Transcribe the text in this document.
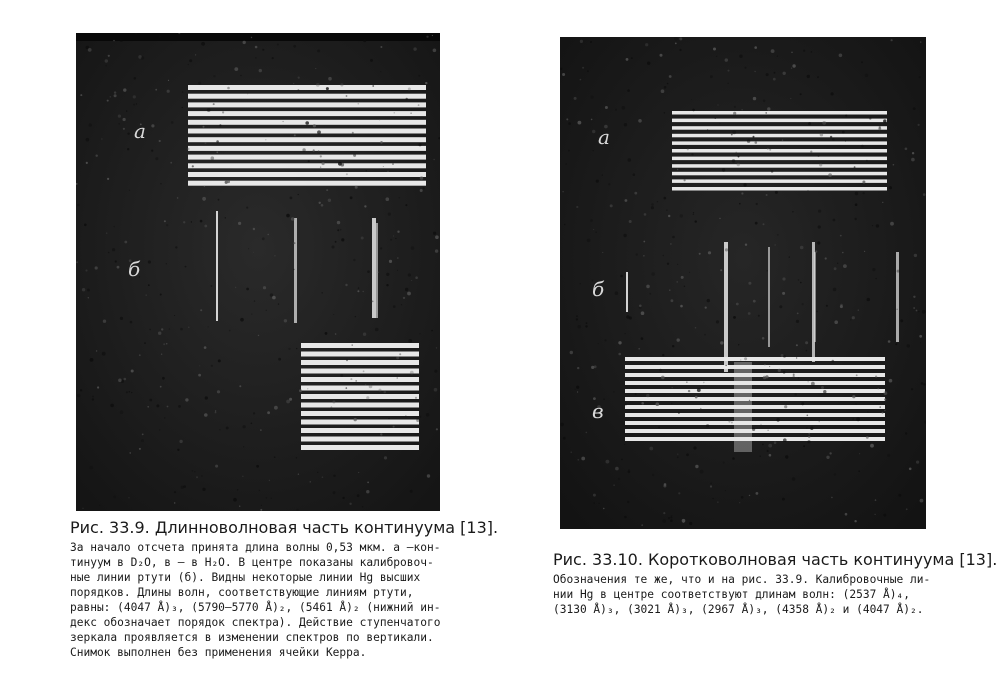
a
б
a
б
в
Рис. 33.9. Длинноволновая часть континуума [13].
За начало отсчета принята длина волны 0,53 мкм. а —кон-
тинуум в D₂O, в — в H₂O. В центре показаны калибровоч-
ные линии ртути (б). Видны некоторые линии Hg высших
порядков. Длины волн, соответствующие линиям ртути,
равны: (4047 Å)₃, (5790—5770 Å)₂, (5461 Å)₂ (нижний ин-
декс обозначает порядок спектра). Действие ступенчатого
зеркала проявляется в изменении спектров по вертикали.
Снимок выполнен без применения ячейки Керра.
Рис. 33.10. Коротковолновая часть континуума [13].
Обозначения те же, что и на рис. 33.9. Калибровочные ли-
нии Hg в центре соответствуют длинам волн: (2537 Å)₄,
(3130 Å)₃, (3021 Å)₃, (2967 Å)₃, (4358 Å)₂ и (4047 Å)₂.
